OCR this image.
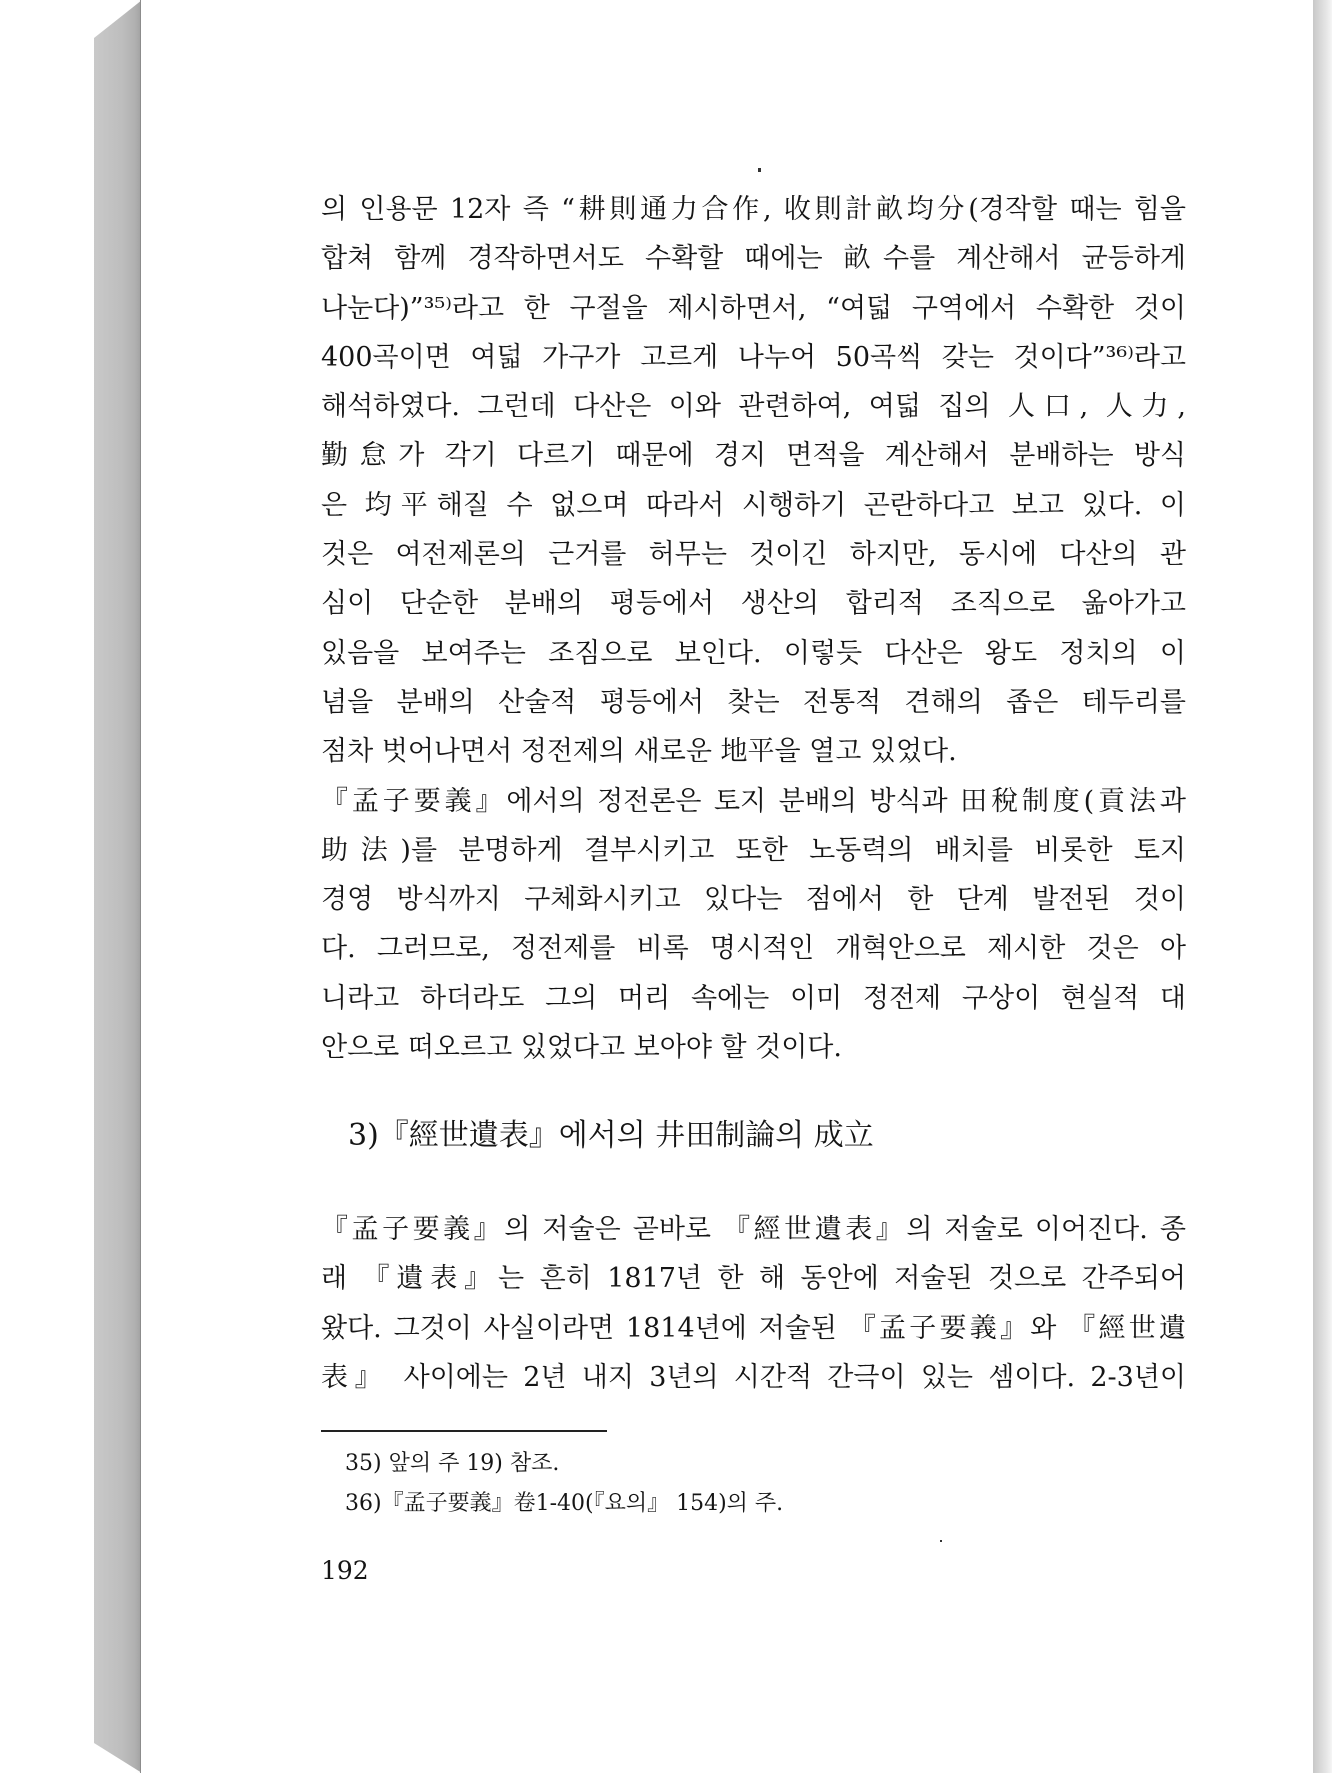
의 인용문 12자 즉 “耕則通力合作, 收則計畝均分(경작할 때는 힘을
합쳐 함께 경작하면서도 수확할 때에는 畝수를 계산해서 균등하게
나눈다)”³⁵⁾라고 한 구절을 제시하면서, “여덟 구역에서 수확한 것이
400곡이면 여덟 가구가 고르게 나누어 50곡씩 갖는 것이다”³⁶⁾라고
해석하였다. 그런데 다산은 이와 관련하여, 여덟 집의 人口, 人力,
勤怠가 각기 다르기 때문에 경지 면적을 계산해서 분배하는 방식
은 均平해질 수 없으며 따라서 시행하기 곤란하다고 보고 있다. 이
것은 여전제론의 근거를 허무는 것이긴 하지만, 동시에 다산의 관
심이 단순한 분배의 평등에서 생산의 합리적 조직으로 옮아가고
있음을 보여주는 조짐으로 보인다. 이렇듯 다산은 왕도 정치의 이
념을 분배의 산술적 평등에서 찾는 전통적 견해의 좁은 테두리를
점차 벗어나면서 정전제의 새로운 地平을 열고 있었다.
『孟子要義』에서의 정전론은 토지 분배의 방식과 田稅制度(貢法과
助法)를 분명하게 결부시키고 또한 노동력의 배치를 비롯한 토지
경영 방식까지 구체화시키고 있다는 점에서 한 단계 발전된 것이
다. 그러므로, 정전제를 비록 명시적인 개혁안으로 제시한 것은 아
니라고 하더라도 그의 머리 속에는 이미 정전제 구상이 현실적 대
안으로 떠오르고 있었다고 보아야 할 것이다.
3)『經世遺表』에서의 井田制論의 成立
『孟子要義』의 저술은 곧바로 『經世遺表』의 저술로 이어진다. 종
래 『遺表』는 흔히 1817년 한 해 동안에 저술된 것으로 간주되어
왔다. 그것이 사실이라면 1814년에 저술된 『孟子要義』와 『經世遺
表』 사이에는 2년 내지 3년의 시간적 간극이 있는 셈이다. 2-3년이
35) 앞의 주 19) 참조.
36)『孟子要義』卷1-40(『요의』 154)의 주.
192
